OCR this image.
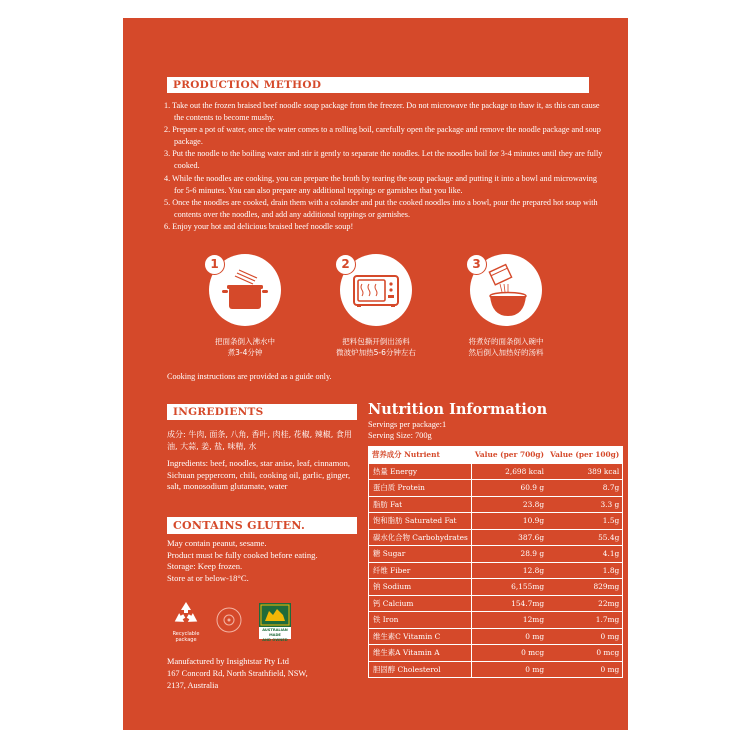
PRODUCTION METHOD
1. Take out the frozen braised beef noodle soup package from the freezer. Do not microwave the package to thaw it, as this can cause the contents to become mushy.
2. Prepare a pot of water, once the water comes to a rolling boil, carefully open the package and remove the noodle package and soup package.
3. Put the noodle to the boiling water and stir it gently to separate the noodles. Let the noodles boil for 3-4 minutes until they are fully cooked.
4. While the noodles are cooking, you can prepare the broth by tearing the soup package and putting it into a bowl and microwaving for 5-6 minutes. You can also prepare any additional toppings or garnishes that you like.
5. Once the noodles are cooked, drain them with a colander and put the cooked noodles into a bowl, pour the prepared hot soup with contents over the noodles, and add any additional toppings or garnishes.
6. Enjoy your hot and delicious braised beef noodle soup!
1	2	3
把面条倒入沸水中
煮3-4分钟
把料包撕开倒出汤料
微波炉加热5-6分钟左右
将煮好的面条倒入碗中
然后倒入加热好的汤料
Cooking instructions are provided as a guide only.
INGREDIENTS
成分: 牛肉, 面条, 八角, 香叶, 肉桂, 花椒, 辣椒, 食用油, 大蒜, 姜, 盐, 味精, 水
Ingredients: beef, noodles, star anise, leaf, cinnamon, Sichuan peppercorn, chili, cooking oil, garlic, ginger, salt, monosodium glutamate, water
CONTAINS GLUTEN.
May contain peanut, sesame.
Product must be fully cooked before eating.
Storage: Keep frozen.
Store at or below-18°C.
Recyclable
package
AUSTRALIAN MADE
AND OWNED
Manufactured by Insightstar Pty Ltd
167 Concord Rd, North Strathfield, NSW,
2137, Australia
Nutrition Information
Servings per package:1
Serving Size: 700g
营养成分 Nutrient	Value (per 700g)	Value (per 100g)
热量 Energy	2,698 kcal	389 kcal
蛋白质 Protein	60.9 g	8.7g
脂肪 Fat	23.8g	3.3 g
饱和脂肪 Saturated Fat	10.9g	1.5g
碳水化合物 Carbohydrates	387.6g	55.4g
糖 Sugar	28.9 g	4.1g
纤维 Fiber	12.8g	1.8g
钠 Sodium	6,155mg	829mg
钙 Calcium	154.7mg	22mg
铁 Iron	12mg	1.7mg
维生素C Vitamin C	0 mg	0 mg
维生素A Vitamin A	0 mcg	0 mcg
胆固醇 Cholesterol	0 mg	0 mg
